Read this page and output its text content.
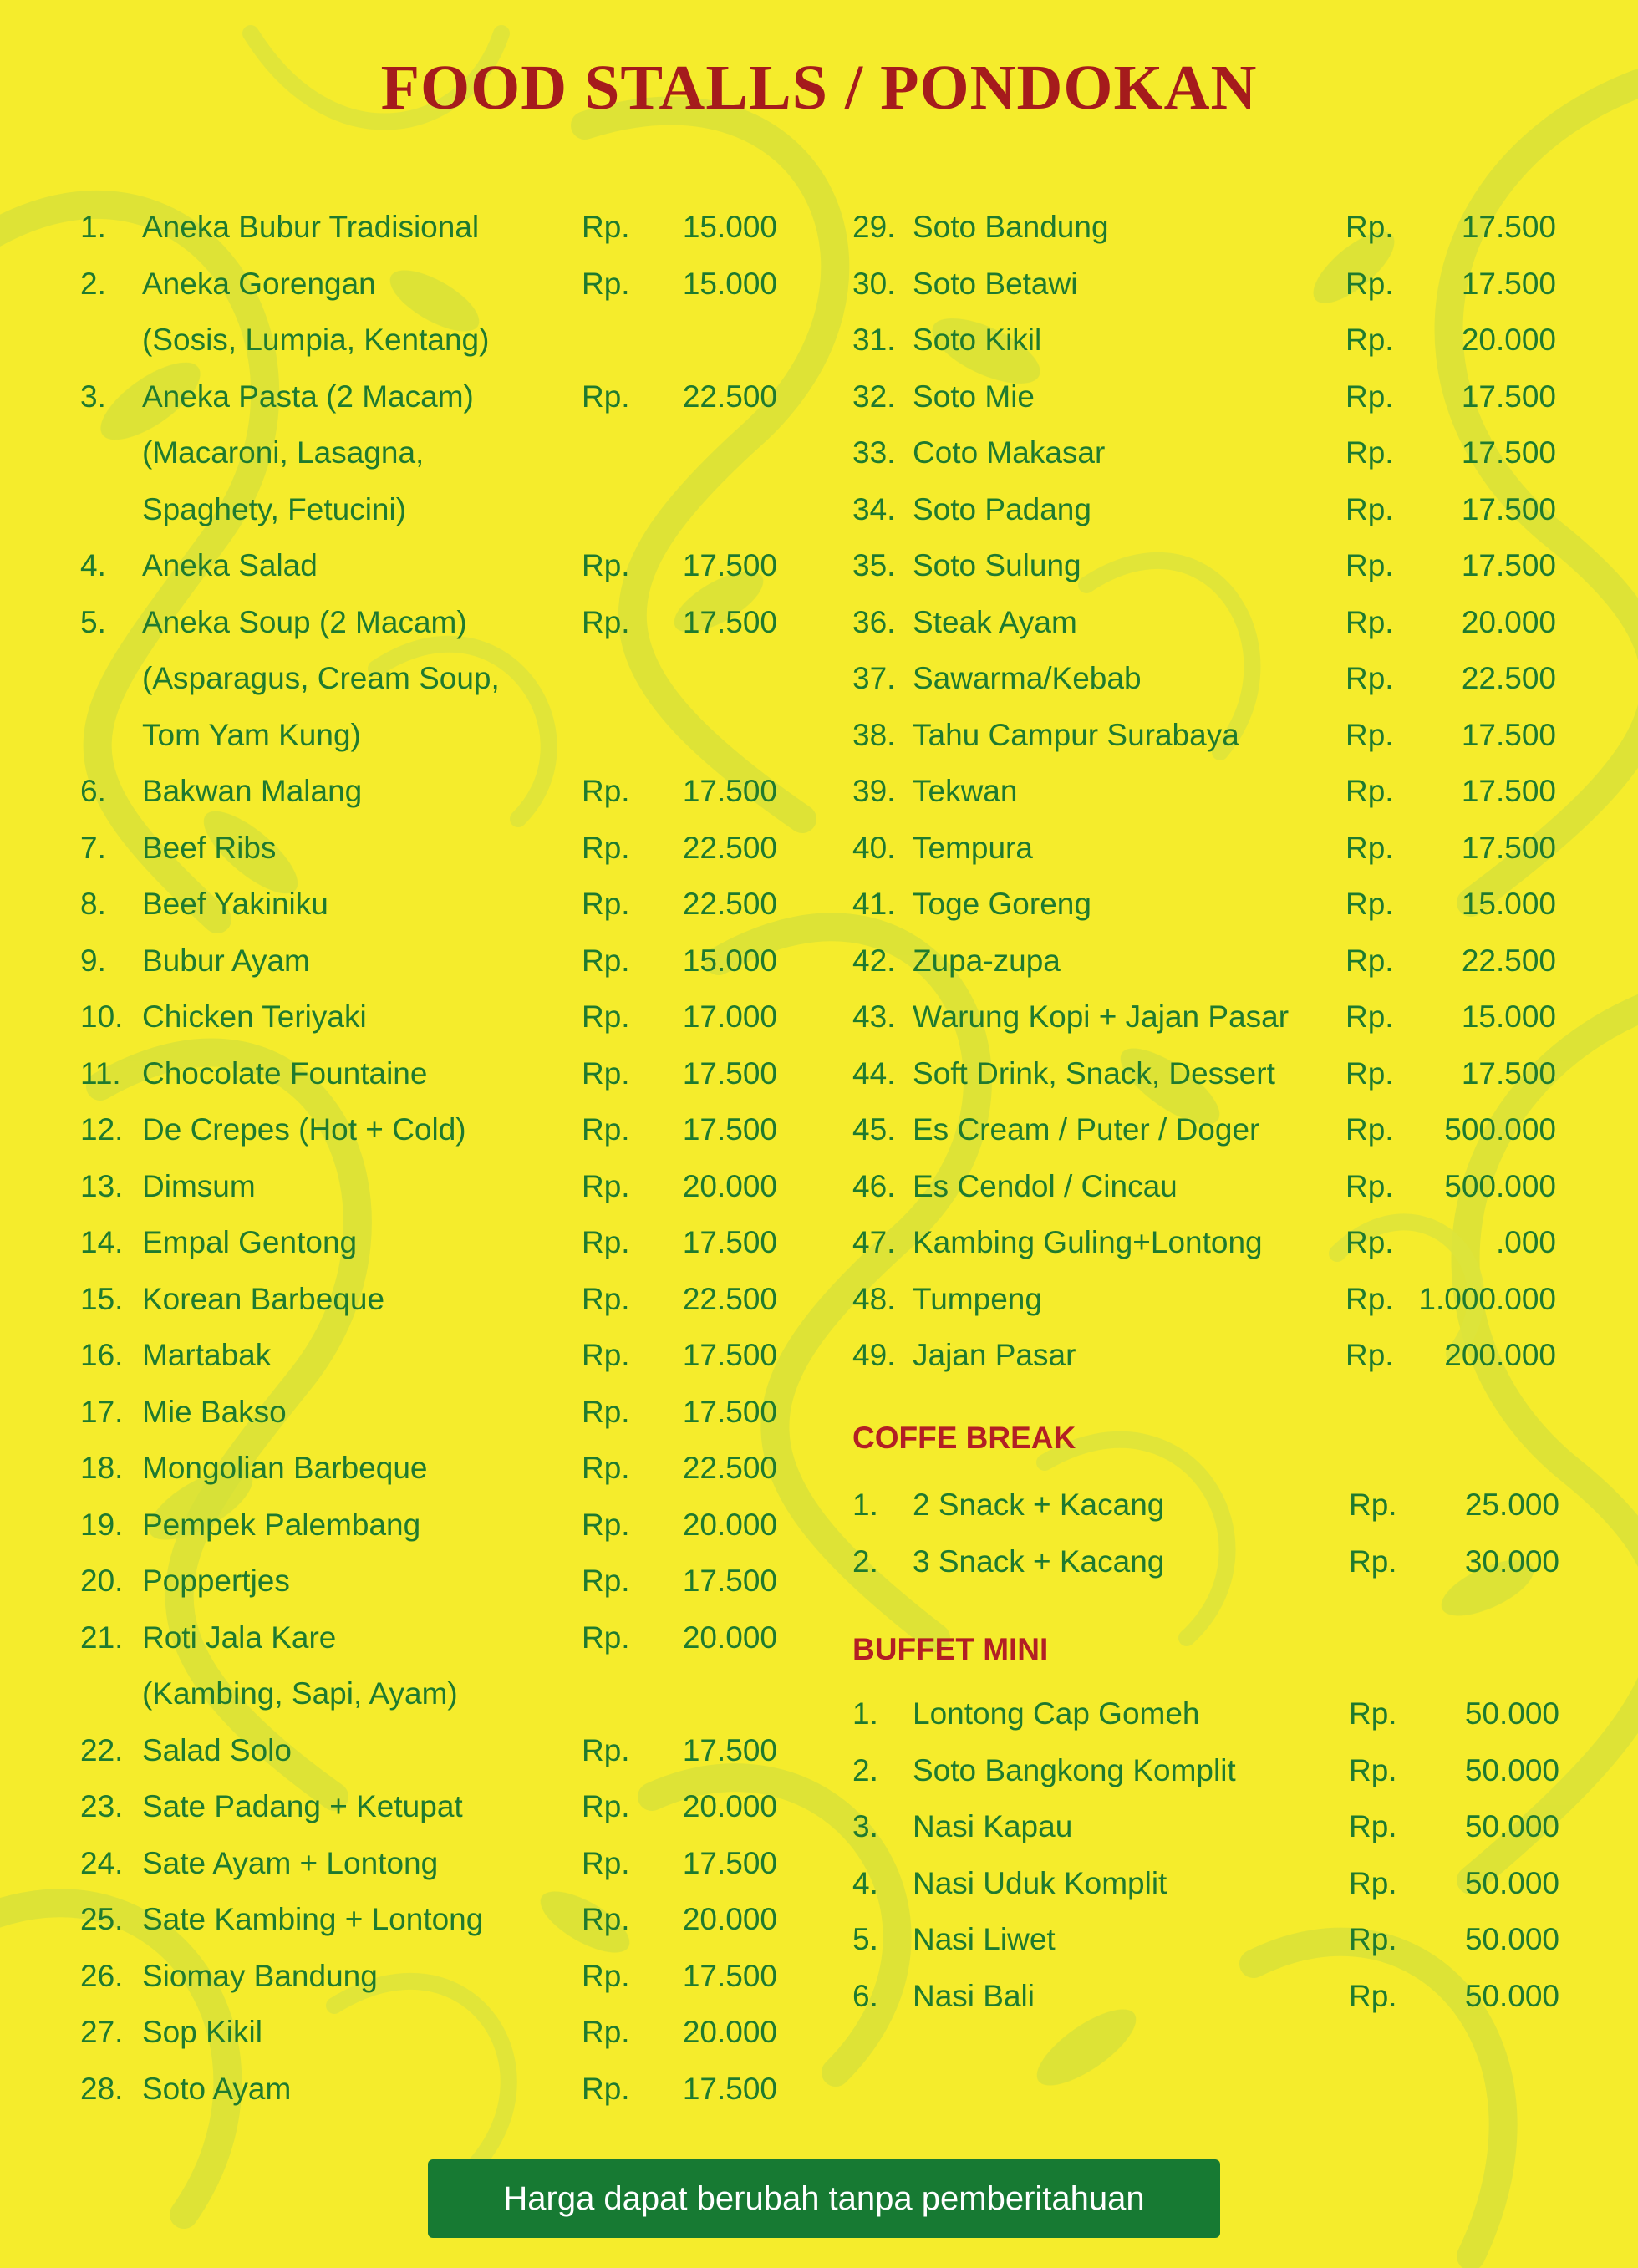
FOOD STALLS / PONDOKAN
1. Aneka Bubur Tradisional	Rp.	15.000
2. Aneka Gorengan	Rp.	15.000
(Sosis, Lumpia, Kentang)
3. Aneka Pasta (2 Macam)	Rp.	22.500
(Macaroni, Lasagna,
Spaghety, Fetucini)
4. Aneka Salad	Rp.	17.500
5. Aneka Soup (2 Macam)	Rp.	17.500
(Asparagus, Cream Soup,
Tom Yam Kung)
6. Bakwan Malang	Rp.	17.500
7. Beef Ribs	Rp.	22.500
8. Beef Yakiniku	Rp.	22.500
9. Bubur Ayam	Rp.	15.000
10. Chicken Teriyaki	Rp.	17.000
11. Chocolate Fountaine	Rp.	17.500
12. De Crepes (Hot + Cold)	Rp.	17.500
13. Dimsum	Rp.	20.000
14. Empal Gentong	Rp.	17.500
15. Korean Barbeque	Rp.	22.500
16. Martabak	Rp.	17.500
17. Mie Bakso	Rp.	17.500
18. Mongolian Barbeque	Rp.	22.500
19. Pempek Palembang	Rp.	20.000
20. Poppertjes	Rp.	17.500
21. Roti Jala Kare	Rp.	20.000
(Kambing, Sapi, Ayam)
22. Salad Solo	Rp.	17.500
23. Sate Padang + Ketupat	Rp.	20.000
24. Sate Ayam + Lontong	Rp.	17.500
25. Sate Kambing + Lontong	Rp.	20.000
26. Siomay Bandung	Rp.	17.500
27. Sop Kikil	Rp.	20.000
28. Soto Ayam	Rp.	17.500
29. Soto Bandung	Rp.	17.500
30. Soto Betawi	Rp.	17.500
31. Soto Kikil	Rp.	20.000
32. Soto Mie	Rp.	17.500
33. Coto Makasar	Rp.	17.500
34. Soto Padang	Rp.	17.500
35. Soto Sulung	Rp.	17.500
36. Steak Ayam	Rp.	20.000
37. Sawarma/Kebab	Rp.	22.500
38. Tahu Campur Surabaya	Rp.	17.500
39. Tekwan	Rp.	17.500
40. Tempura	Rp.	17.500
41. Toge Goreng	Rp.	15.000
42. Zupa-zupa	Rp.	22.500
43. Warung Kopi + Jajan Pasar Rp.	15.000
44. Soft Drink, Snack, Dessert Rp.	17.500
45. Es Cream / Puter / Doger	Rp.	500.000
46. Es Cendol / Cincau	Rp.	500.000
47. Kambing Guling+Lontong	Rp.	.000
48. Tumpeng	Rp. 1.000.000
49. Jajan Pasar	Rp.	200.000
COFFE BREAK
1. 2 Snack + Kacang	Rp.	25.000
2. 3 Snack + Kacang	Rp.	30.000
BUFFET MINI
1. Lontong Cap Gomeh	Rp.	50.000
2. Soto Bangkong Komplit	Rp.	50.000
3. Nasi Kapau	Rp.	50.000
4. Nasi Uduk Komplit	Rp.	50.000
5. Nasi Liwet	Rp.	50.000
6. Nasi Bali	Rp.	50.000
Harga dapat berubah tanpa pemberitahuan
